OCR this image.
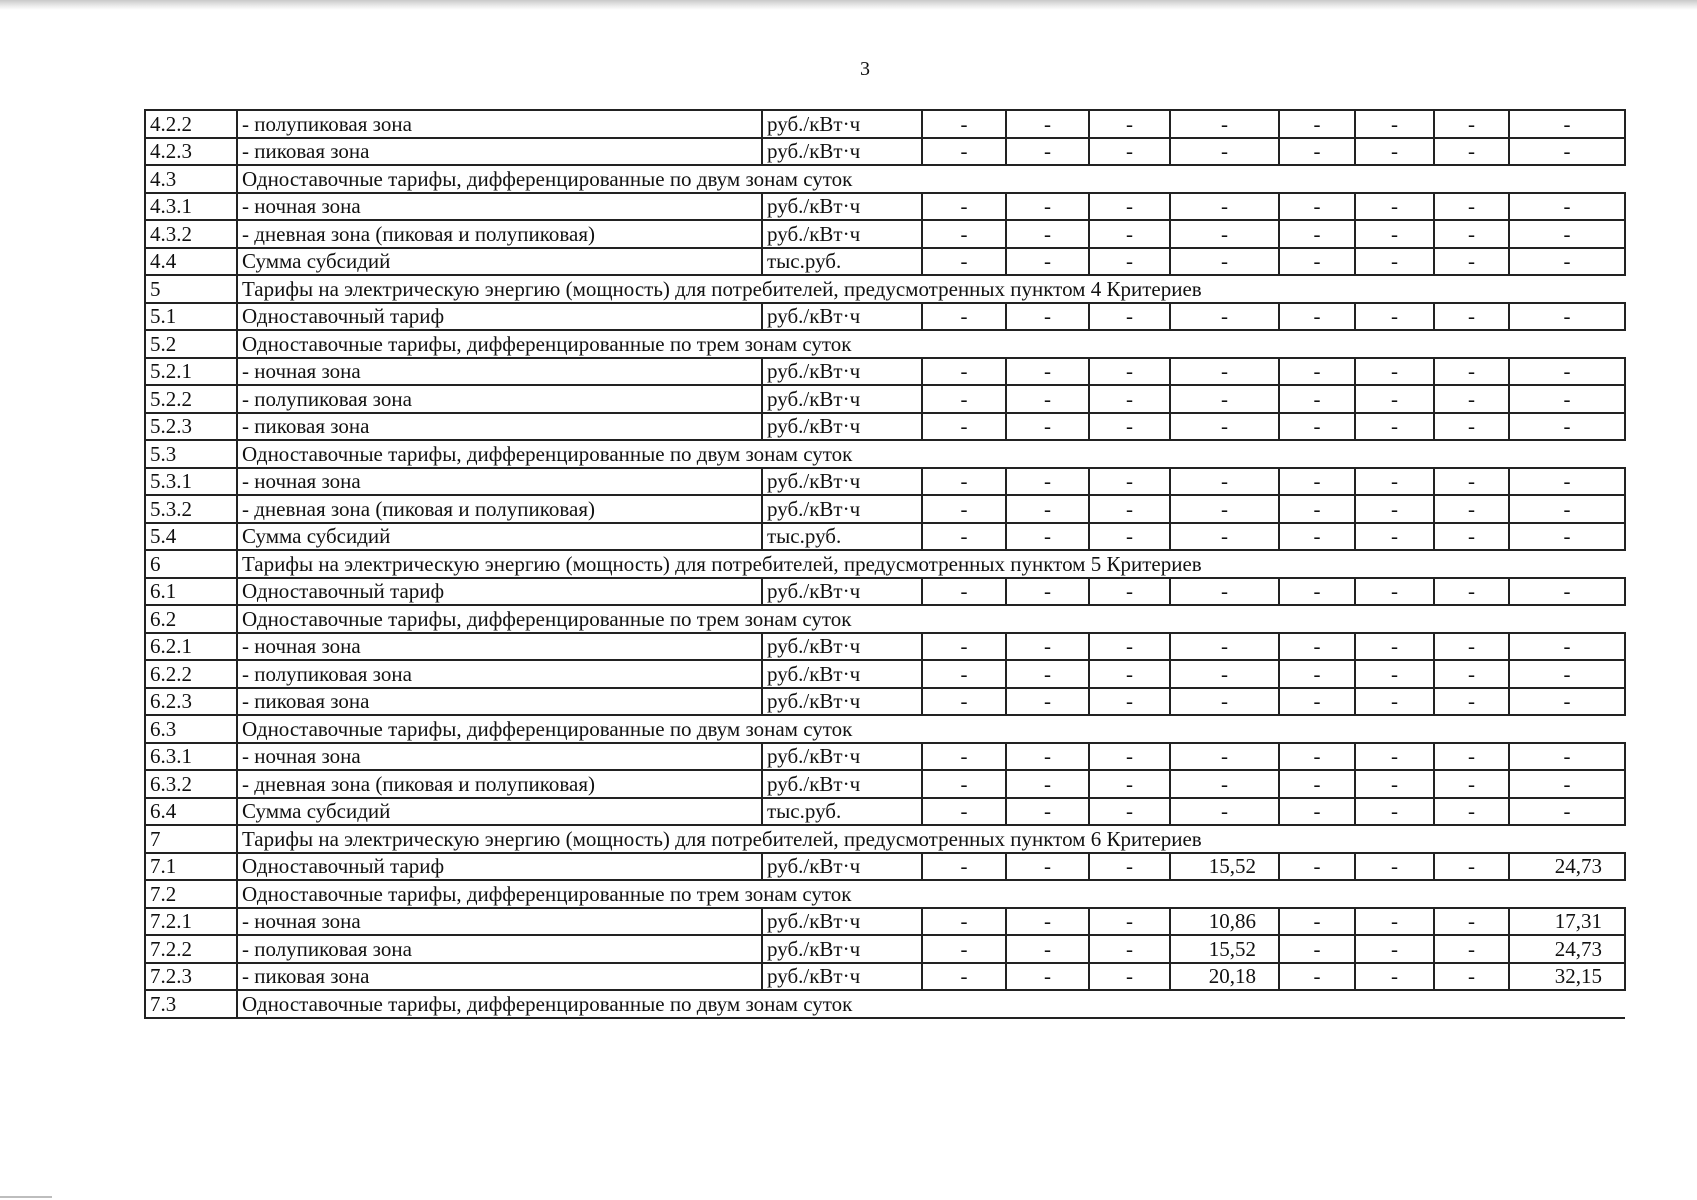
3
4.2.2	- полупиковая зона	руб./кВт·ч	-	-	-	-	-	-	-	-
4.2.3	- пиковая зона	руб./кВт·ч	-	-	-	-	-	-	-	-
4.3	Одноставочные тарифы, дифференцированные по двум зонам суток									
4.3.1	- ночная зона	руб./кВт·ч	-	-	-	-	-	-	-	-
4.3.2	- дневная зона (пиковая и полупиковая)	руб./кВт·ч	-	-	-	-	-	-	-	-
4.4	Сумма субсидий	тыс.руб.	-	-	-	-	-	-	-	-
5	Тарифы на электрическую энергию (мощность) для потребителей, предусмотренных пунктом 4 Критериев									
5.1	Одноставочный тариф	руб./кВт·ч	-	-	-	-	-	-	-	-
5.2	Одноставочные тарифы, дифференцированные по трем зонам суток									
5.2.1	- ночная зона	руб./кВт·ч	-	-	-	-	-	-	-	-
5.2.2	- полупиковая зона	руб./кВт·ч	-	-	-	-	-	-	-	-
5.2.3	- пиковая зона	руб./кВт·ч	-	-	-	-	-	-	-	-
5.3	Одноставочные тарифы, дифференцированные по двум зонам суток									
5.3.1	- ночная зона	руб./кВт·ч	-	-	-	-	-	-	-	-
5.3.2	- дневная зона (пиковая и полупиковая)	руб./кВт·ч	-	-	-	-	-	-	-	-
5.4	Сумма субсидий	тыс.руб.	-	-	-	-	-	-	-	-
6	Тарифы на электрическую энергию (мощность) для потребителей, предусмотренных пунктом 5 Критериев									
6.1	Одноставочный тариф	руб./кВт·ч	-	-	-	-	-	-	-	-
6.2	Одноставочные тарифы, дифференцированные по трем зонам суток									
6.2.1	- ночная зона	руб./кВт·ч	-	-	-	-	-	-	-	-
6.2.2	- полупиковая зона	руб./кВт·ч	-	-	-	-	-	-	-	-
6.2.3	- пиковая зона	руб./кВт·ч	-	-	-	-	-	-	-	-
6.3	Одноставочные тарифы, дифференцированные по двум зонам суток									
6.3.1	- ночная зона	руб./кВт·ч	-	-	-	-	-	-	-	-
6.3.2	- дневная зона (пиковая и полупиковая)	руб./кВт·ч	-	-	-	-	-	-	-	-
6.4	Сумма субсидий	тыс.руб.	-	-	-	-	-	-	-	-
7	Тарифы на электрическую энергию (мощность) для потребителей, предусмотренных пунктом 6 Критериев									
7.1	Одноставочный тариф	руб./кВт·ч	-	-	-	15,52	-	-	-	24,73
7.2	Одноставочные тарифы, дифференцированные по трем зонам суток									
7.2.1	- ночная зона	руб./кВт·ч	-	-	-	10,86	-	-	-	17,31
7.2.2	- полупиковая зона	руб./кВт·ч	-	-	-	15,52	-	-	-	24,73
7.2.3	- пиковая зона	руб./кВт·ч	-	-	-	20,18	-	-	-	32,15
7.3	Одноставочные тарифы, дифференцированные по двум зонам суток									
